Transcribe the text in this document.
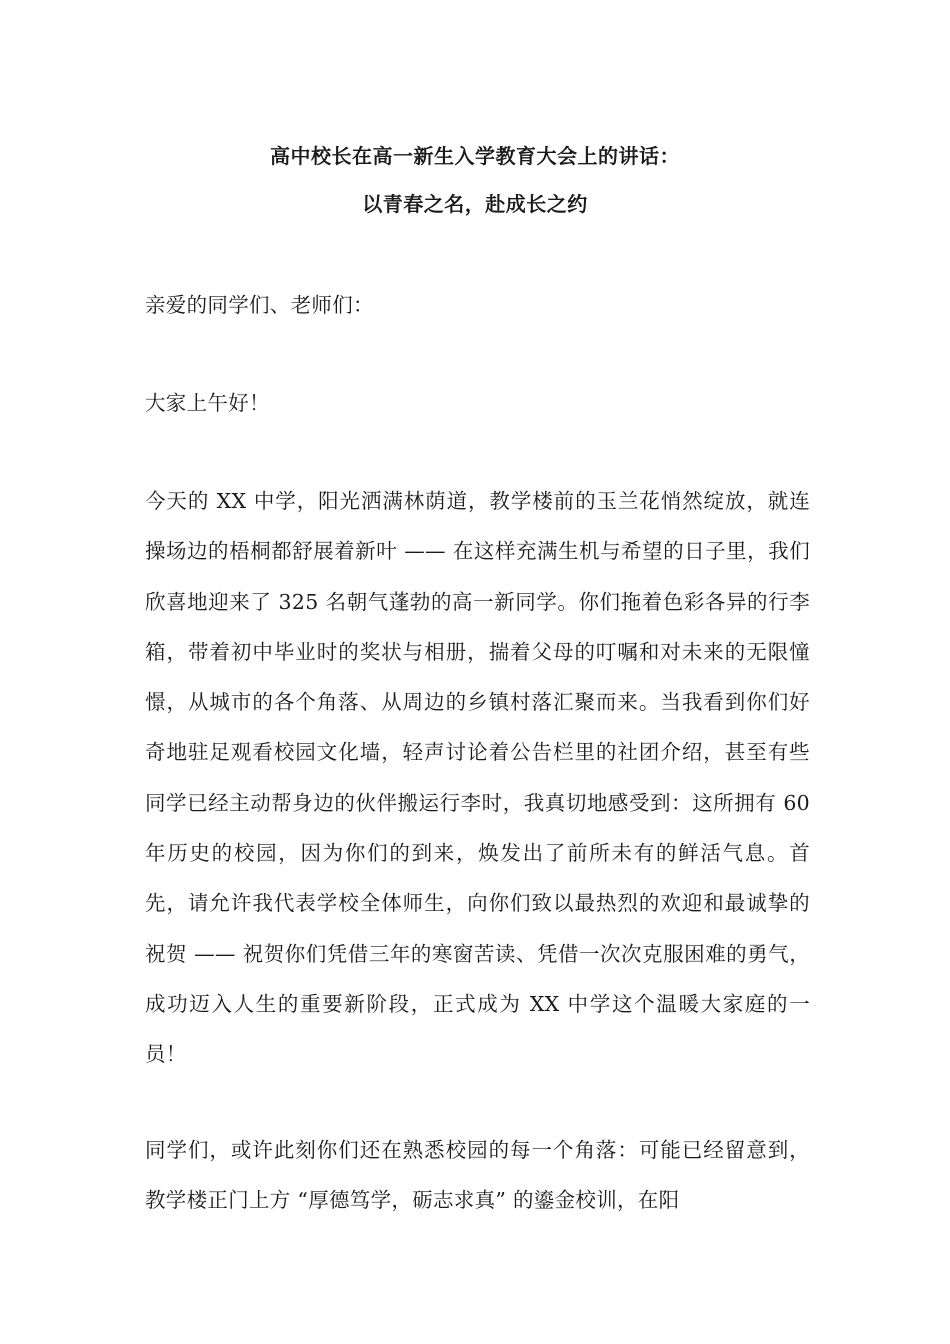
高中校长在高一新生入学教育大会上的讲话：
以青春之名，赴成长之约
亲爱的同学们、老师们：
大家上午好！
今天的 XX 中学，阳光洒满林荫道，教学楼前的玉兰花悄然绽放，就连操场边的梧桐都舒展着新叶 —— 在这样充满生机与希望的日子里，我们欣喜地迎来了 325 名朝气蓬勃的高一新同学。你们拖着色彩各异的行李箱，带着初中毕业时的奖状与相册，揣着父母的叮嘱和对未来的无限憧憬，从城市的各个角落、从周边的乡镇村落汇聚而来。当我看到你们好奇地驻足观看校园文化墙，轻声讨论着公告栏里的社团介绍，甚至有些同学已经主动帮身边的伙伴搬运行李时，我真切地感受到：这所拥有 60 年历史的校园，因为你们的到来，焕发出了前所未有的鲜活气息。首先，请允许我代表学校全体师生，向你们致以最热烈的欢迎和最诚挚的祝贺 —— 祝贺你们凭借三年的寒窗苦读、凭借一次次克服困难的勇气，成功迈入人生的重要新阶段，正式成为 XX 中学这个温暖大家庭的一员！
同学们，或许此刻你们还在熟悉校园的每一个角落：可能已经留意到，教学楼正门上方 “厚德笃学，砺志求真” 的鎏金校训，在阳
